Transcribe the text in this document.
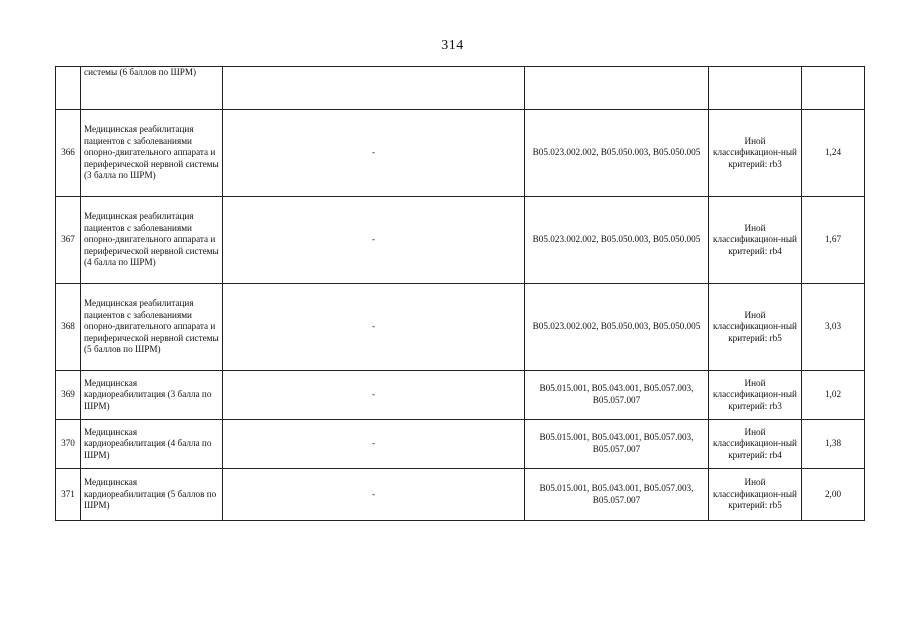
314
	системы (6 баллов по ШРМ)				
366	Медицинская реабилитация пациентов с заболеваниями опорно-двигательного аппарата и периферической нервной системы (3 балла по ШРМ)	-	B05.023.002.002, B05.050.003, B05.050.005	Иной классификацион-ный критерий: rb3	1,24
367	Медицинская реабилитация пациентов с заболеваниями опорно-двигательного аппарата и периферической нервной системы (4 балла по ШРМ)	-	B05.023.002.002, B05.050.003, B05.050.005	Иной классификацион-ный критерий: rb4	1,67
368	Медицинская реабилитация пациентов с заболеваниями опорно-двигательного аппарата и периферической нервной системы (5 баллов по ШРМ)	-	B05.023.002.002, B05.050.003, B05.050.005	Иной классификацион-ный критерий: rb5	3,03
369	Медицинская кардиореабилитация (3 балла по ШРМ)	-	B05.015.001, B05.043.001, B05.057.003, B05.057.007	Иной классификацион-ный критерий: rb3	1,02
370	Медицинская кардиореабилитация (4 балла по ШРМ)	-	B05.015.001, B05.043.001, B05.057.003, B05.057.007	Иной классификацион-ный критерий: rb4	1,38
371	Медицинская кардиореабилитация (5 баллов по ШРМ)	-	B05.015.001, B05.043.001, B05.057.003, B05.057.007	Иной классификацион-ный критерий: rb5	2,00
